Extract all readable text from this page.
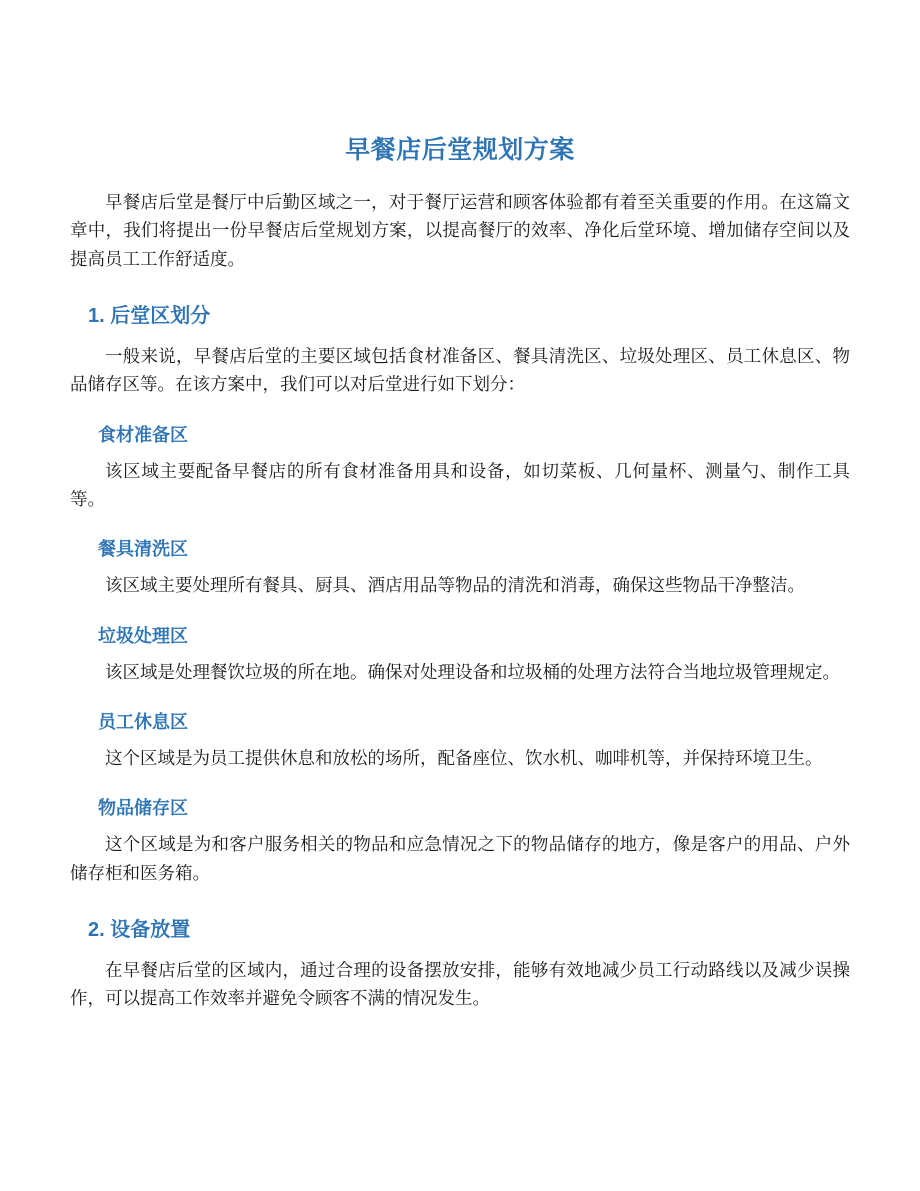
早餐店后堂规划方案

早餐店后堂是餐厅中后勤区域之一，对于餐厅运营和顾客体验都有着至关重要的作用。在这篇文章中，我们将提出一份早餐店后堂规划方案，以提高餐厅的效率、净化后堂环境、增加储存空间以及提高员工工作舒适度。

1. 后堂区划分

一般来说，早餐店后堂的主要区域包括食材准备区、餐具清洗区、垃圾处理区、员工休息区、物品储存区等。在该方案中，我们可以对后堂进行如下划分：

食材准备区

该区域主要配备早餐店的所有食材准备用具和设备，如切菜板、几何量杯、测量勺、制作工具等。

餐具清洗区

该区域主要处理所有餐具、厨具、酒店用品等物品的清洗和消毒，确保这些物品干净整洁。

垃圾处理区

该区域是处理餐饮垃圾的所在地。确保对处理设备和垃圾桶的处理方法符合当地垃圾管理规定。

员工休息区

这个区域是为员工提供休息和放松的场所，配备座位、饮水机、咖啡机等，并保持环境卫生。

物品储存区

这个区域是为和客户服务相关的物品和应急情况之下的物品储存的地方，像是客户的用品、户外储存柜和医务箱。

2. 设备放置

在早餐店后堂的区域内，通过合理的设备摆放安排，能够有效地减少员工行动路线以及减少误操作，可以提高工作效率并避免令顾客不满的情况发生。
